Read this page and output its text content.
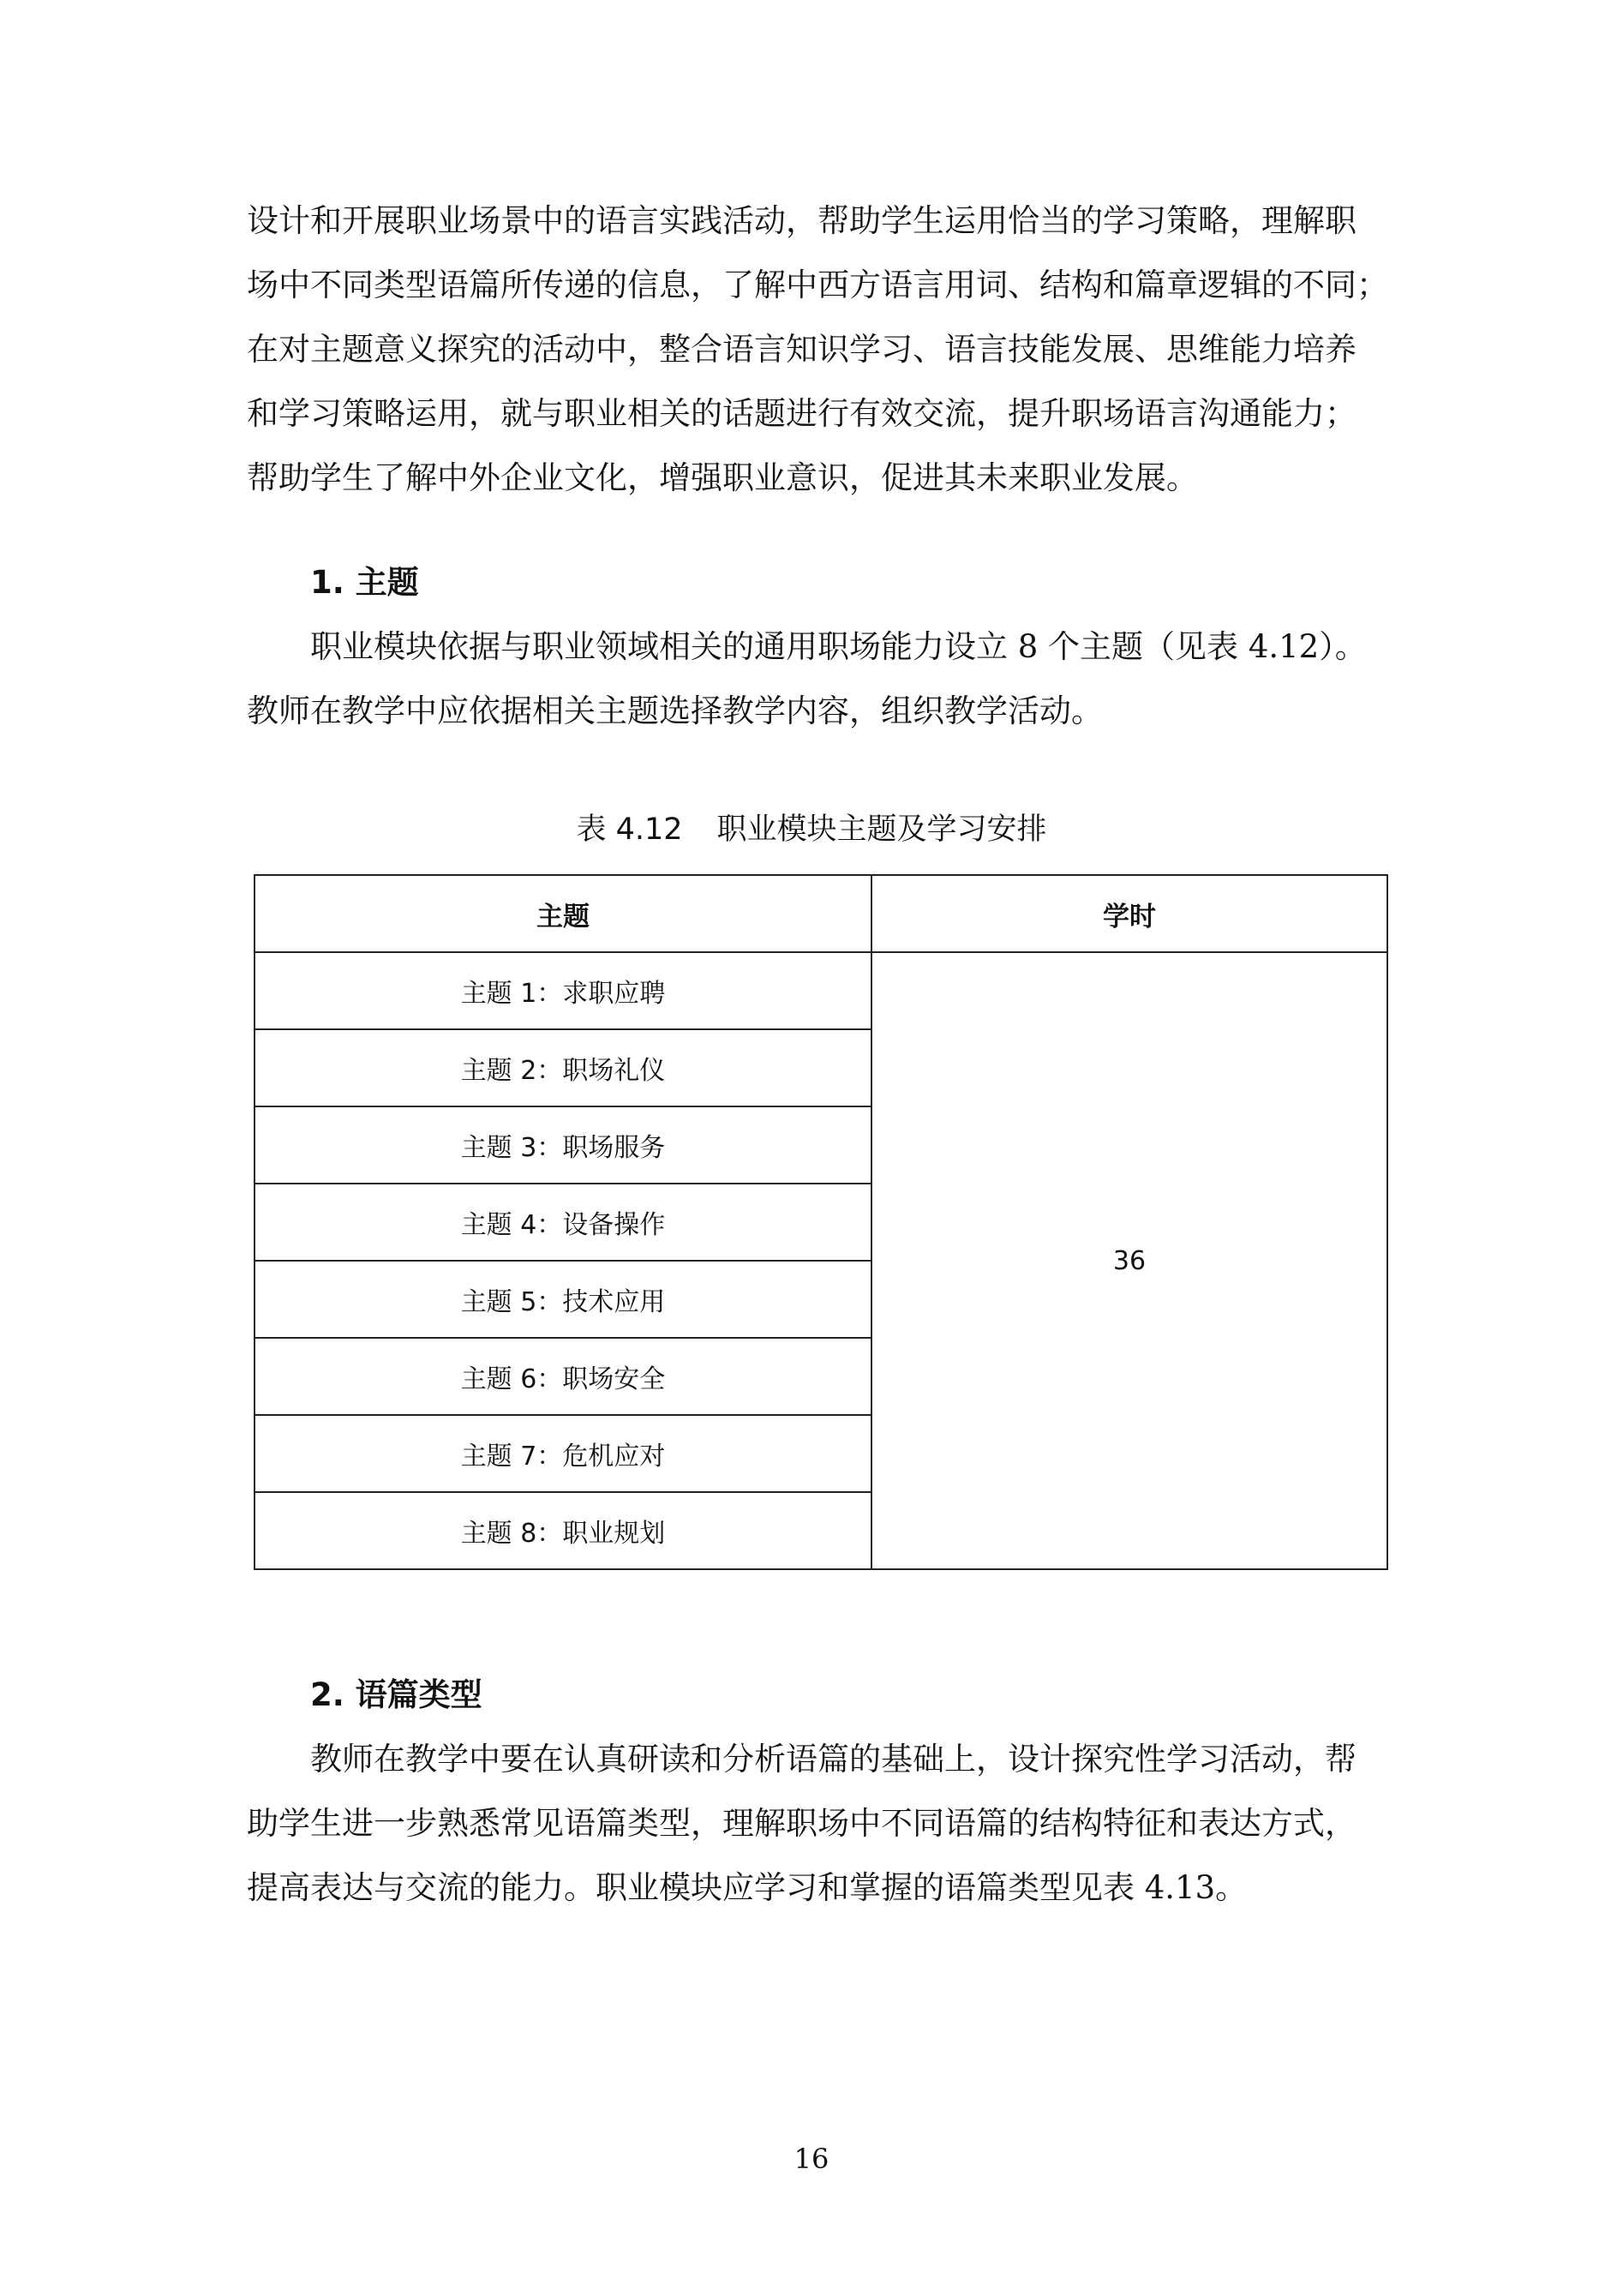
设计和开展职业场景中的语言实践活动，帮助学生运用恰当的学习策略，理解职
场中不同类型语篇所传递的信息，了解中西方语言用词、结构和篇章逻辑的不同；
在对主题意义探究的活动中，整合语言知识学习、语言技能发展、思维能力培养
和学习策略运用，就与职业相关的话题进行有效交流，提升职场语言沟通能力；
帮助学生了解中外企业文化，增强职业意识，促进其未来职业发展。

1. 主题

职业模块依据与职业领域相关的通用职场能力设立 8 个主题（见表 4.12）。
教师在教学中应依据相关主题选择教学内容，组织教学活动。

表 4.12 职业模块主题及学习安排

主题	学时
主题 1：求职应聘	36
主题 2：职场礼仪	
主题 3：职场服务	
主题 4：设备操作	
主题 5：技术应用	
主题 6：职场安全	
主题 7：危机应对	
主题 8：职业规划	
2. 语篇类型

教师在教学中要在认真研读和分析语篇的基础上，设计探究性学习活动，帮
助学生进一步熟悉常见语篇类型，理解职场中不同语篇的结构特征和表达方式，
提高表达与交流的能力。职业模块应学习和掌握的语篇类型见表 4.13。

16
